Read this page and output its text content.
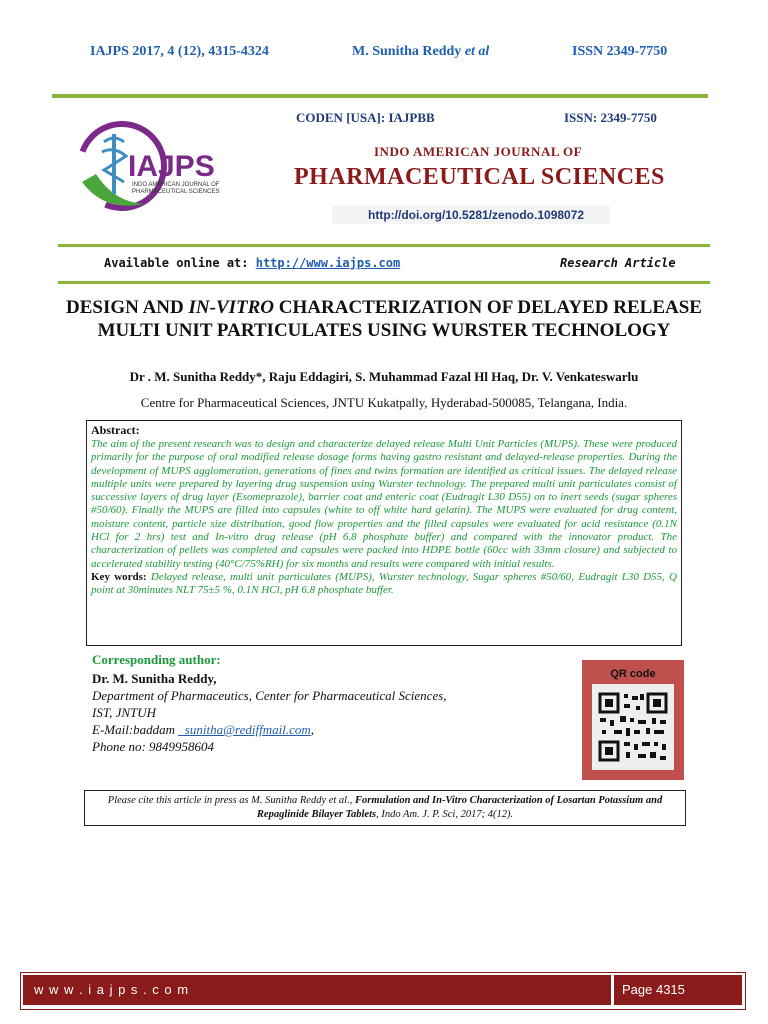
IAJPS 2017, 4 (12), 4315-4324	M. Sunitha Reddy et al	ISSN 2349-7750
IAJPS
INDO AMERICAN JOURNAL OF PHARMACEUTICAL SCIENCES
CODEN [USA]: IAJPBB	ISSN: 2349-7750
INDO AMERICAN JOURNAL OF
PHARMACEUTICAL SCIENCES
http://doi.org/10.5281/zenodo.1098072
Available online at: http://www.iajps.com	Research Article
DESIGN AND IN-VITRO CHARACTERIZATION OF DELAYED RELEASE MULTI UNIT PARTICULATES USING WURSTER TECHNOLOGY
Dr . M. Sunitha Reddy*, Raju Eddagiri, S. Muhammad Fazal Hl Haq, Dr. V. Venkateswarlu
Centre for Pharmaceutical Sciences, JNTU Kukatpally, Hyderabad-500085, Telangana, India.
Abstract:
The aim of the present research was to design and characterize delayed release Multi Unit Particles (MUPS). These were produced primarily for the purpose of oral modified release dosage forms having gastro resistant and delayed-release properties. During the development of MUPS agglomeration, generations of fines and twins formation are identified as critical issues. The delayed release multiple units were prepared by layering drug suspension using Wurster technology. The prepared multi unit particulates consist of successive layers of drug layer (Esomeprazole), barrier coat and enteric coat (Eudragit L30 D55) on to inert seeds (sugar spheres #50/60). Finally the MUPS are filled into capsules (white to off white hard gelatin). The MUPS were evaluated for drug content, moisture content, particle size distribution, good flow properties and the filled capsules were evaluated for acid resistance (0.1N HCl for 2 hrs) test and In-vitro drug release (pH 6.8 phosphate buffer) and compared with the innovator product. The characterization of pellets was completed and capsules were packed into HDPE bottle (60cc with 33mm closure) and subjected to accelerated stability testing (40°C/75%RH) for six months and results were compared with initial results.
Key words: Delayed release, multi unit particulates (MUPS), Wurster technology, Sugar spheres #50/60, Eudragit L30 D55, Q point at 30minutes NLT 75±5 %, 0.1N HCl, pH 6.8 phosphate buffer.
Corresponding author:
Dr. M. Sunitha Reddy,
Department of Pharmaceutics, Center for Pharmaceutical Sciences,
IST, JNTUH
E-Mail:baddam _sunitha@rediffmail.com,
Phone no: 9849958604
QR code
Please cite this article in press as M. Sunitha Reddy et al., Formulation and In-Vitro Characterization of Losartan Potassium and Repaglinide Bilayer Tablets, Indo Am. J. P. Sci, 2017; 4(12).
w w w . i a j p s . c o m	Page 4315
